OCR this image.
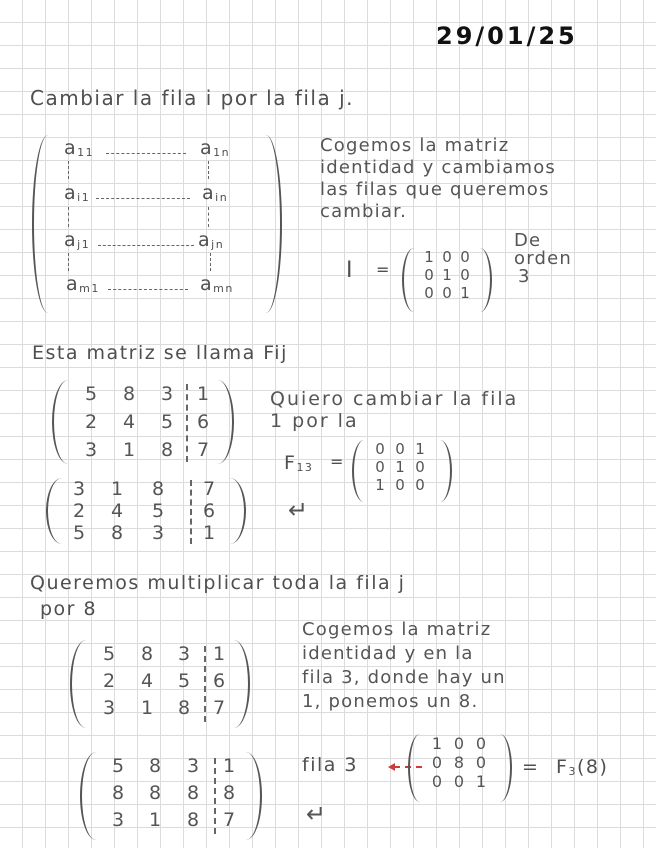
29/01/25
Cambiar la fila i por la fila j.
a11	a1n
ai1	ain
aj1	ajn
am1	amn
Cogemos la matriz
identidad y cambiamos
las filas que queremos
cambiar.
I =
1	0	0
0	1	0
0	0	1
De
orden
3
Esta matriz se llama Fij
5	8	3	1
2	4	5	6
3	1	8	7
3	1	8	7
2	4	5	6
5	8	3	1
Quiero cambiar la fila
1 por la
F13 =
0	0	1
0	1	0
1	0	0
↵
Queremos multiplicar toda la fila j
por 8
Cogemos la matriz
identidad y en la
fila 3, donde hay un
1, ponemos un 8.
5	8	3	1
2	4	5	6
3	1	8	7
5	8	3	1
8	8	8	8
3	1	8	7
fila 3
1	0	0
0	8	0
0	0	1
= F3(8)
↵
